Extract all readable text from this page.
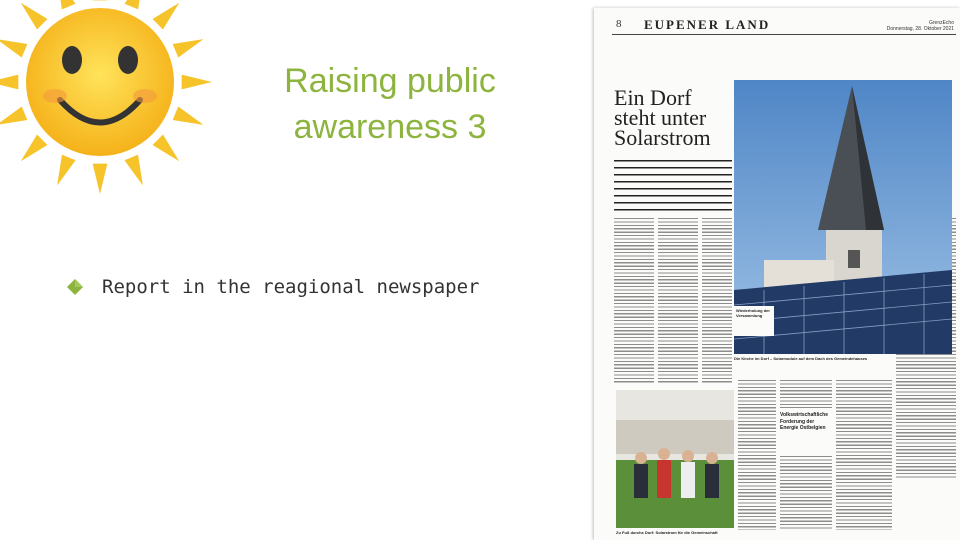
Raising public
awareness 3
Report in the reagional newspaper
8 EUPENER LAND	GrenzEcho
Donnerstag, 28. Oktober 2021
Ein Dorf steht unter Solarstrom
Die Kirche im Dorf – Solarmodule auf dem Dach des Gemeindehauses
Wiederholung der Versammlung
Zu Fuß durchs Dorf: Solarstrom für die Gemeinschaft
Volkswirtschaftliche Forderung der Energie Ostbelgien
